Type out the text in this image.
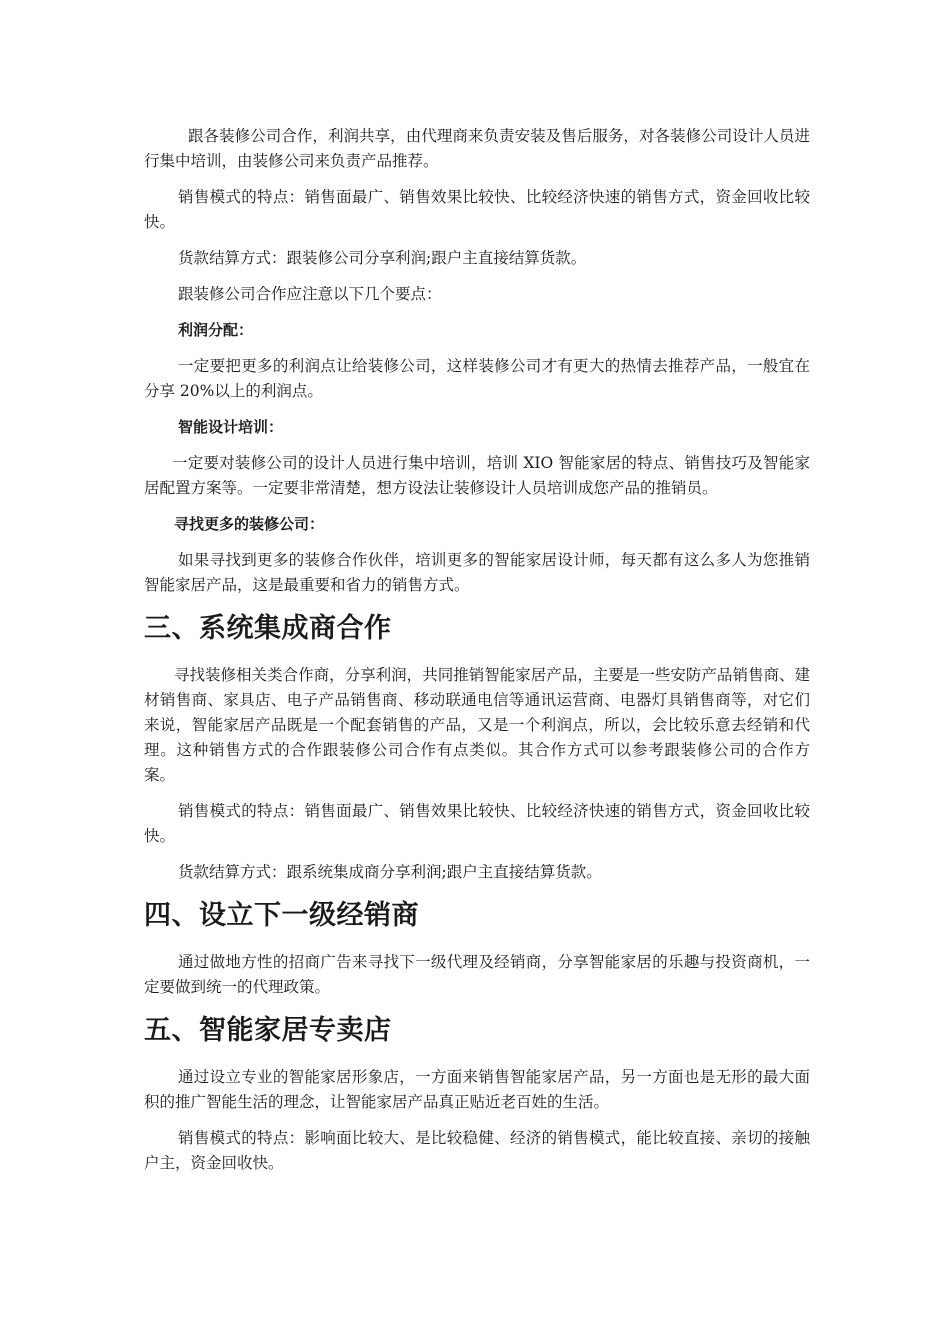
跟各装修公司合作，利润共享，由代理商来负责安装及售后服务，对各装修公司设计人员进行集中培训，由装修公司来负责产品推荐。

销售模式的特点：销售面最广、销售效果比较快、比较经济快速的销售方式，资金回收比较快。

货款结算方式：跟装修公司分享利润;跟户主直接结算货款。

跟装修公司合作应注意以下几个要点：

利润分配：

一定要把更多的利润点让给装修公司，这样装修公司才有更大的热情去推荐产品，一般宜在分享 20%以上的利润点。

智能设计培训：

一定要对装修公司的设计人员进行集中培训，培训 XIO 智能家居的特点、销售技巧及智能家居配置方案等。一定要非常清楚，想方设法让装修设计人员培训成您产品的推销员。

寻找更多的装修公司：

如果寻找到更多的装修合作伙伴，培训更多的智能家居设计师，每天都有这么多人为您推销智能家居产品，这是最重要和省力的销售方式。

三、系统集成商合作

寻找装修相关类合作商，分享利润，共同推销智能家居产品，主要是一些安防产品销售商、建材销售商、家具店、电子产品销售商、移动联通电信等通讯运营商、电器灯具销售商等，对它们来说，智能家居产品既是一个配套销售的产品，又是一个利润点，所以，会比较乐意去经销和代理。这种销售方式的合作跟装修公司合作有点类似。其合作方式可以参考跟装修公司的合作方案。

销售模式的特点：销售面最广、销售效果比较快、比较经济快速的销售方式，资金回收比较快。

货款结算方式：跟系统集成商分享利润;跟户主直接结算货款。

四、设立下一级经销商

通过做地方性的招商广告来寻找下一级代理及经销商，分享智能家居的乐趣与投资商机，一定要做到统一的代理政策。

五、智能家居专卖店

通过设立专业的智能家居形象店，一方面来销售智能家居产品，另一方面也是无形的最大面积的推广智能生活的理念，让智能家居产品真正贴近老百姓的生活。

销售模式的特点：影响面比较大、是比较稳健、经济的销售模式，能比较直接、亲切的接触户主，资金回收快。
